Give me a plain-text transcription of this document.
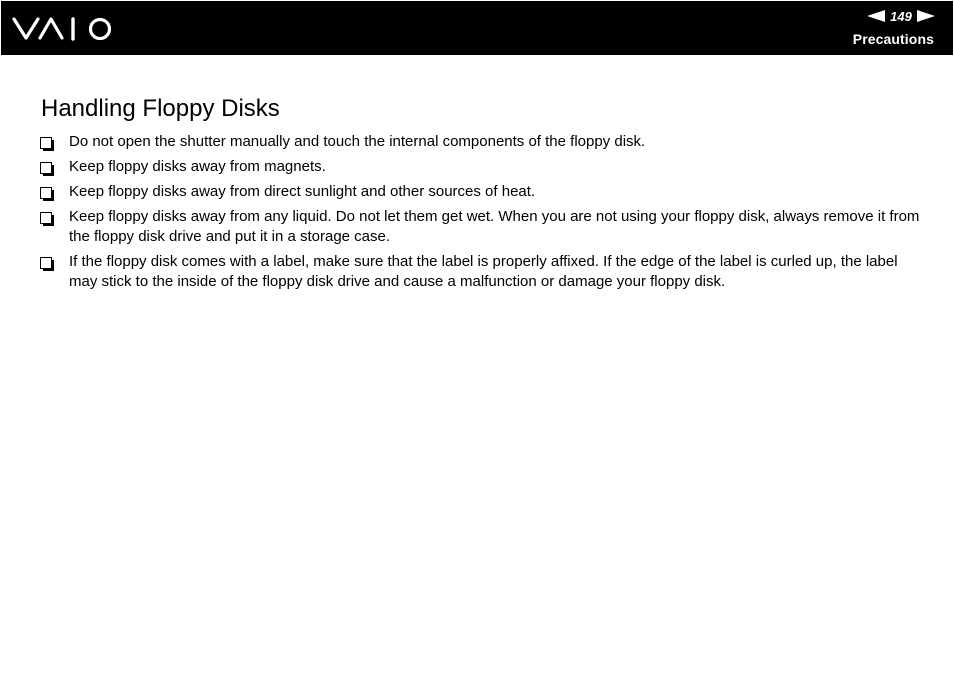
149
Precautions
Handling Floppy Disks
Do not open the shutter manually and touch the internal components of the floppy disk.
Keep floppy disks away from magnets.
Keep floppy disks away from direct sunlight and other sources of heat.
Keep floppy disks away from any liquid. Do not let them get wet. When you are not using your floppy disk, always remove it from the floppy disk drive and put it in a storage case.
If the floppy disk comes with a label, make sure that the label is properly affixed. If the edge of the label is curled up, the label may stick to the inside of the floppy disk drive and cause a malfunction or damage your floppy disk.
